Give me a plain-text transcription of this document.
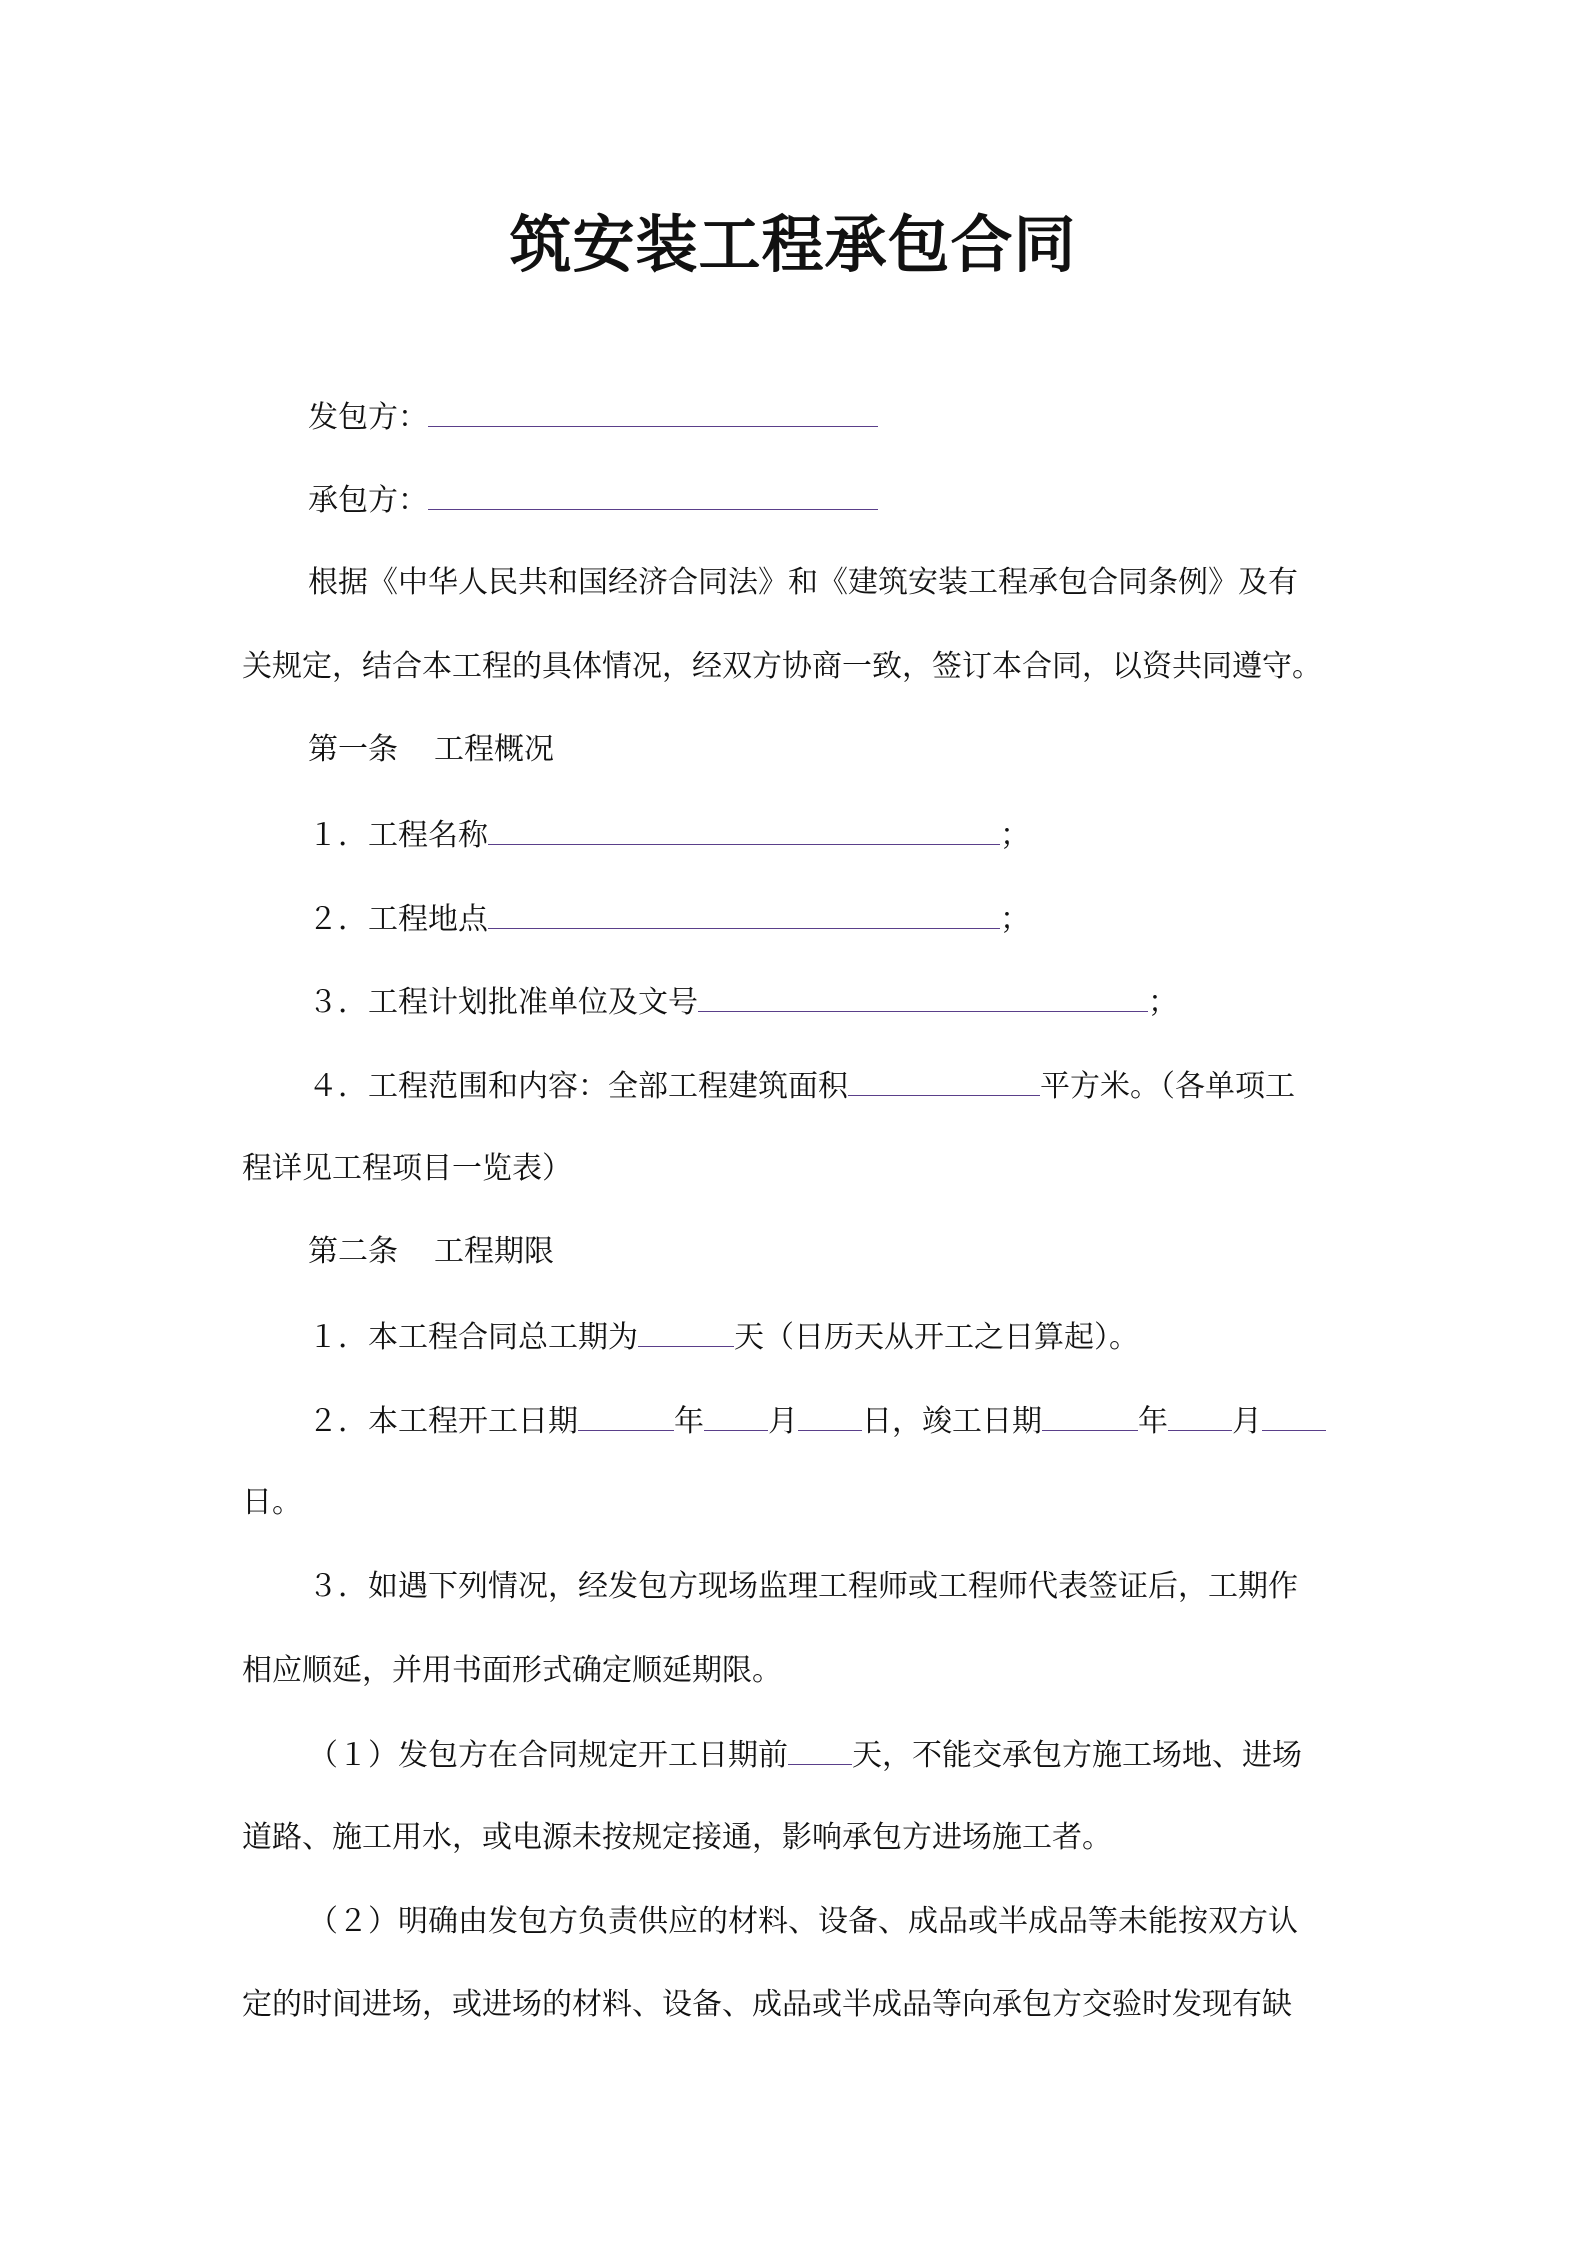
筑安装工程承包合同

发包方：

承包方：

根据《中华人民共和国经济合同法》和《建筑安装工程承包合同条例》及有

关规定，结合本工程的具体情况，经双方协商一致，签订本合同，以资共同遵守。

第一条 工程概况

１．工程名称	；

２．工程地点	；

３．工程计划批准单位及文号	；

４．工程范围和内容：全部工程建筑面积	平方米。（各单项工

程详见工程项目一览表）

第二条 工程期限

１．本工程合同总工期为	天（日历天从开工之日算起）。

２．本工程开工日期	年 月 日，竣工日期	年 月

日。

３．如遇下列情况，经发包方现场监理工程师或工程师代表签证后，工期作

相应顺延，并用书面形式确定顺延期限。

（１）发包方在合同规定开工日期前 天，不能交承包方施工场地、进场

道路、施工用水，或电源未按规定接通，影响承包方进场施工者。

（２）明确由发包方负责供应的材料、设备、成品或半成品等未能按双方认

定的时间进场，或进场的材料、设备、成品或半成品等向承包方交验时发现有缺
